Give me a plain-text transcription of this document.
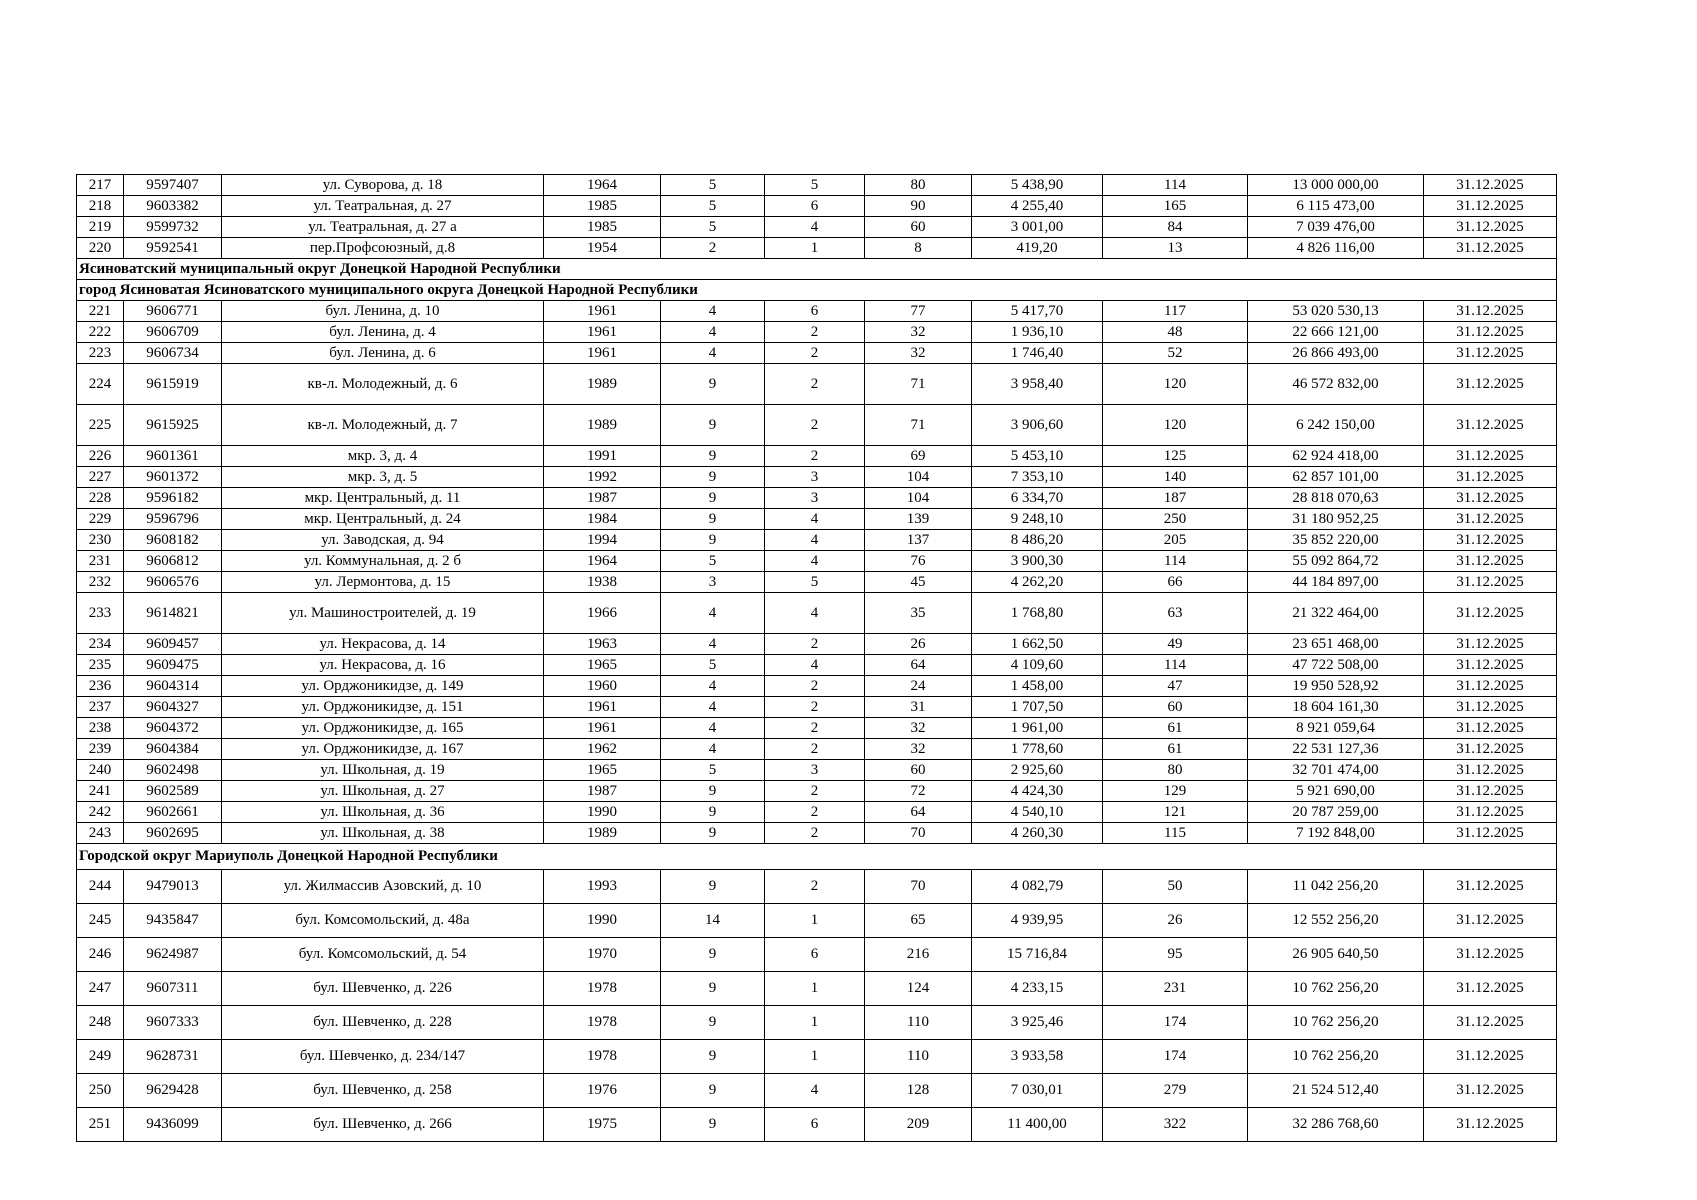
217	9597407	ул. Суворова, д. 18	1964	5	5	80	5 438,90	114	13 000 000,00	31.12.2025
218	9603382	ул. Театральная, д. 27	1985	5	6	90	4 255,40	165	6 115 473,00	31.12.2025
219	9599732	ул. Театральная, д. 27 а	1985	5	4	60	3 001,00	84	7 039 476,00	31.12.2025
220	9592541	пер.Профсоюзный, д.8	1954	2	1	8	419,20	13	4 826 116,00	31.12.2025
Ясиноватский муниципальный округ Донецкой Народной Республики										
город Ясиноватая Ясиноватского муниципального округа Донецкой Народной Республики										
221	9606771	бул. Ленина, д. 10	1961	4	6	77	5 417,70	117	53 020 530,13	31.12.2025
222	9606709	бул. Ленина, д. 4	1961	4	2	32	1 936,10	48	22 666 121,00	31.12.2025
223	9606734	бул. Ленина, д. 6	1961	4	2	32	1 746,40	52	26 866 493,00	31.12.2025
224	9615919	кв-л. Молодежный, д. 6	1989	9	2	71	3 958,40	120	46 572 832,00	31.12.2025
225	9615925	кв-л. Молодежный, д. 7	1989	9	2	71	3 906,60	120	6 242 150,00	31.12.2025
226	9601361	мкр. 3, д. 4	1991	9	2	69	5 453,10	125	62 924 418,00	31.12.2025
227	9601372	мкр. 3, д. 5	1992	9	3	104	7 353,10	140	62 857 101,00	31.12.2025
228	9596182	мкр. Центральный, д. 11	1987	9	3	104	6 334,70	187	28 818 070,63	31.12.2025
229	9596796	мкр. Центральный, д. 24	1984	9	4	139	9 248,10	250	31 180 952,25	31.12.2025
230	9608182	ул. Заводская, д. 94	1994	9	4	137	8 486,20	205	35 852 220,00	31.12.2025
231	9606812	ул. Коммунальная, д. 2 б	1964	5	4	76	3 900,30	114	55 092 864,72	31.12.2025
232	9606576	ул. Лермонтова, д. 15	1938	3	5	45	4 262,20	66	44 184 897,00	31.12.2025
233	9614821	ул. Машиностроителей, д. 19	1966	4	4	35	1 768,80	63	21 322 464,00	31.12.2025
234	9609457	ул. Некрасова, д. 14	1963	4	2	26	1 662,50	49	23 651 468,00	31.12.2025
235	9609475	ул. Некрасова, д. 16	1965	5	4	64	4 109,60	114	47 722 508,00	31.12.2025
236	9604314	ул. Орджоникидзе, д. 149	1960	4	2	24	1 458,00	47	19 950 528,92	31.12.2025
237	9604327	ул. Орджоникидзе, д. 151	1961	4	2	31	1 707,50	60	18 604 161,30	31.12.2025
238	9604372	ул. Орджоникидзе, д. 165	1961	4	2	32	1 961,00	61	8 921 059,64	31.12.2025
239	9604384	ул. Орджоникидзе, д. 167	1962	4	2	32	1 778,60	61	22 531 127,36	31.12.2025
240	9602498	ул. Школьная, д. 19	1965	5	3	60	2 925,60	80	32 701 474,00	31.12.2025
241	9602589	ул. Школьная, д. 27	1987	9	2	72	4 424,30	129	5 921 690,00	31.12.2025
242	9602661	ул. Школьная, д. 36	1990	9	2	64	4 540,10	121	20 787 259,00	31.12.2025
243	9602695	ул. Школьная, д. 38	1989	9	2	70	4 260,30	115	7 192 848,00	31.12.2025
Городской округ Мариуполь Донецкой Народной Республики										
244	9479013	ул. Жилмассив Азовский, д. 10	1993	9	2	70	4 082,79	50	11 042 256,20	31.12.2025
245	9435847	бул. Комсомольский, д. 48а	1990	14	1	65	4 939,95	26	12 552 256,20	31.12.2025
246	9624987	бул. Комсомольский, д. 54	1970	9	6	216	15 716,84	95	26 905 640,50	31.12.2025
247	9607311	бул. Шевченко, д. 226	1978	9	1	124	4 233,15	231	10 762 256,20	31.12.2025
248	9607333	бул. Шевченко, д. 228	1978	9	1	110	3 925,46	174	10 762 256,20	31.12.2025
249	9628731	бул. Шевченко, д. 234/147	1978	9	1	110	3 933,58	174	10 762 256,20	31.12.2025
250	9629428	бул. Шевченко, д. 258	1976	9	4	128	7 030,01	279	21 524 512,40	31.12.2025
251	9436099	бул. Шевченко, д. 266	1975	9	6	209	11 400,00	322	32 286 768,60	31.12.2025
